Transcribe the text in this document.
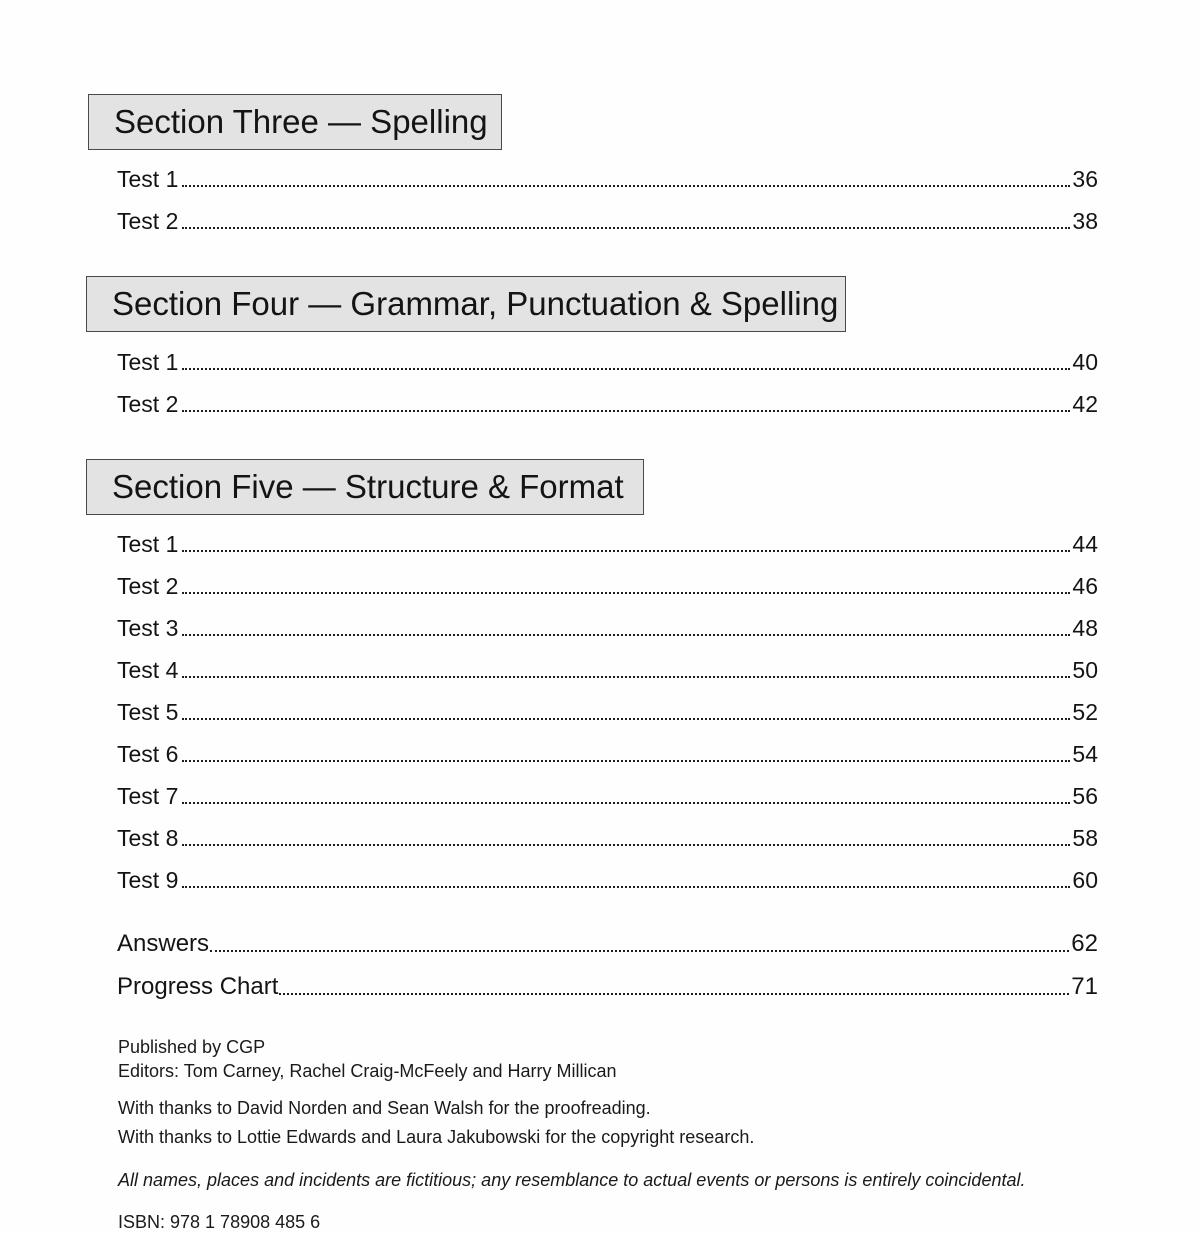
Section Three — Spelling
Test 1	36
Test 2	38
Section Four — Grammar, Punctuation & Spelling
Test 1	40
Test 2	42
Section Five — Structure & Format
Test 1	44
Test 2	46
Test 3	48
Test 4	50
Test 5	52
Test 6	54
Test 7	56
Test 8	58
Test 9	60
Answers	62
Progress Chart	71
Published by CGP
Editors: Tom Carney, Rachel Craig-McFeely and Harry Millican
With thanks to David Norden and Sean Walsh for the proofreading.
With thanks to Lottie Edwards and Laura Jakubowski for the copyright research.
All names, places and incidents are fictitious; any resemblance to actual events or persons is entirely coincidental.
ISBN: 978 1 78908 485 6
